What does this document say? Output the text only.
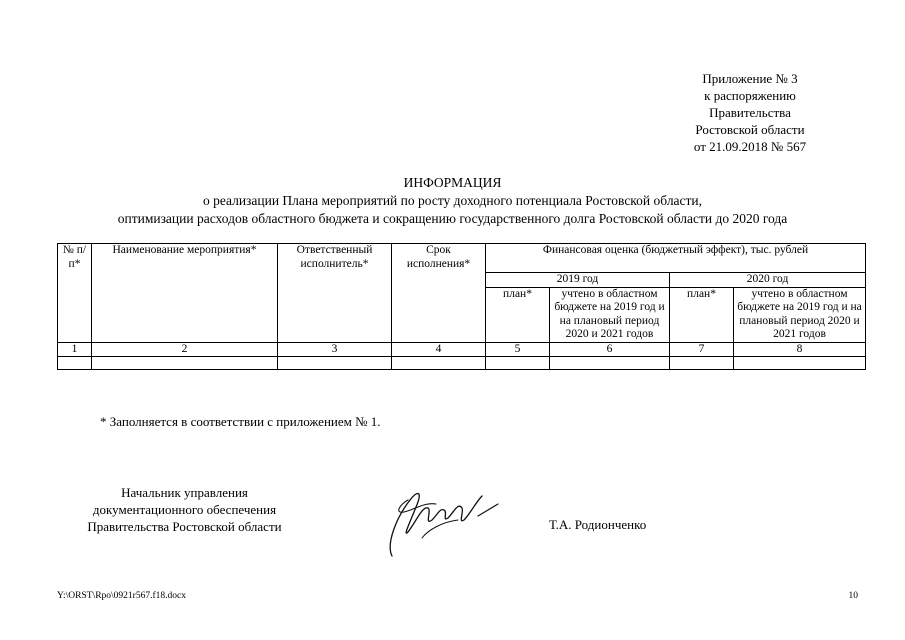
Приложение № 3
к распоряжению
Правительства
Ростовской области
от 21.09.2018 № 567
ИНФОРМАЦИЯ
о реализации Плана мероприятий по росту доходного потенциала Ростовской области,
оптимизации расходов областного бюджета и сокращению государственного долга Ростовской области до 2020 года
№ п/п*	Наименование мероприятия*	Ответственный исполнитель*	Срок исполнения*	Финансовая оценка (бюджетный эффект), тыс. рублей			
				2019 год		2020 год	
				план*	учтено в областном бюджете на 2019 год и на плановый период 2020 и 2021 годов	план*	учтено в областном бюджете на 2019 год и на плановый период 2020 и 2021 годов
1	2	3	4	5	6	7	8

* Заполняется в соответствии с приложением № 1.
Начальник управления
документационного обеспечения
Правительства Ростовской области	Т.А. Родионченко
Y:\ORST\Rpo\0921r567.f18.docx	10
